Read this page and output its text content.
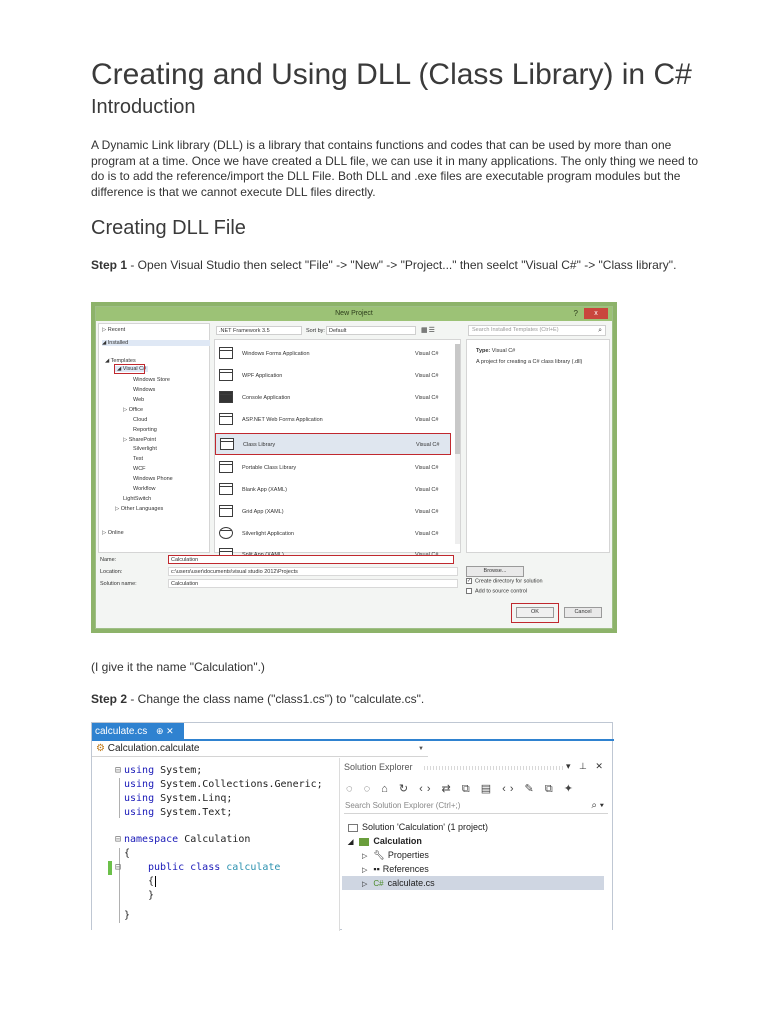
Creating and Using DLL (Class Library) in C#
Introduction
A Dynamic Link library (DLL) is a library that contains functions and codes that can be used by more than one program at a time. Once we have created a DLL file, we can use it in many applications. The only thing we need to do is to add the reference/import the DLL File. Both DLL and .exe files are executable program modules but the difference is that we cannot execute DLL files directly.
Creating DLL File
Step 1 - Open Visual Studio then select "File" -> "New" -> "Project..." then seelct "Visual C#" -> "Class library".
New Project	?	x
▷ Recent
◢ Installed
◢ Templates
◢ Visual C#
Windows Store
Windows
Web
▷ Office
Cloud
Reporting
▷ SharePoint
Silverlight
Test
WCF
Windows Phone
Workflow
LightSwitch
▷ Other Languages
▷ Online
.NET Framework 3.5	Sort by: Default	▦☰
Windows Forms Application	Visual C#
WPF Application	Visual C#
Console Application	Visual C#
ASP.NET Web Forms Application	Visual C#
Class Library	Visual C#
Portable Class Library	Visual C#
Blank App (XAML)	Visual C#
Grid App (XAML)	Visual C#
Silverlight Application	Visual C#
Search Installed Templates (Ctrl+E)	⌕
Type: Visual C#
A project for creating a C# class library (.dll)
Name:	Calculation
Location:	c:\users\user\documents\visual studio 2012\Projects
Solution name:	Calculation
Browse...
✓ Create directory for solution
Add to source control
OK	Cancel
(I give it the name "Calculation".)
Step 2 - Change the class name ("class1.cs") to "calculate.cs".
calculate.cs ⊕ ✕
⚙ Calculation.calculate	▼
⊟ using System;
using System.Collections.Generic;
using System.Linq;
using System.Text;
⊟ namespace Calculation
{
⊟	public class calculate
{
}
}
Solution Explorer	▾ ⊥ ✕
◌ ◌ ⌂ ↻ ‹› ⇄ ⧉ ▤ ‹› ✎ ⧉ ✦
Search Solution Explorer (Ctrl+;)	⌕ ▾
Solution 'Calculation' (1 project)
◢ Calculation
▷ 🔧︎ Properties
▷ ▪▪ References
▷ C# calculate.cs
